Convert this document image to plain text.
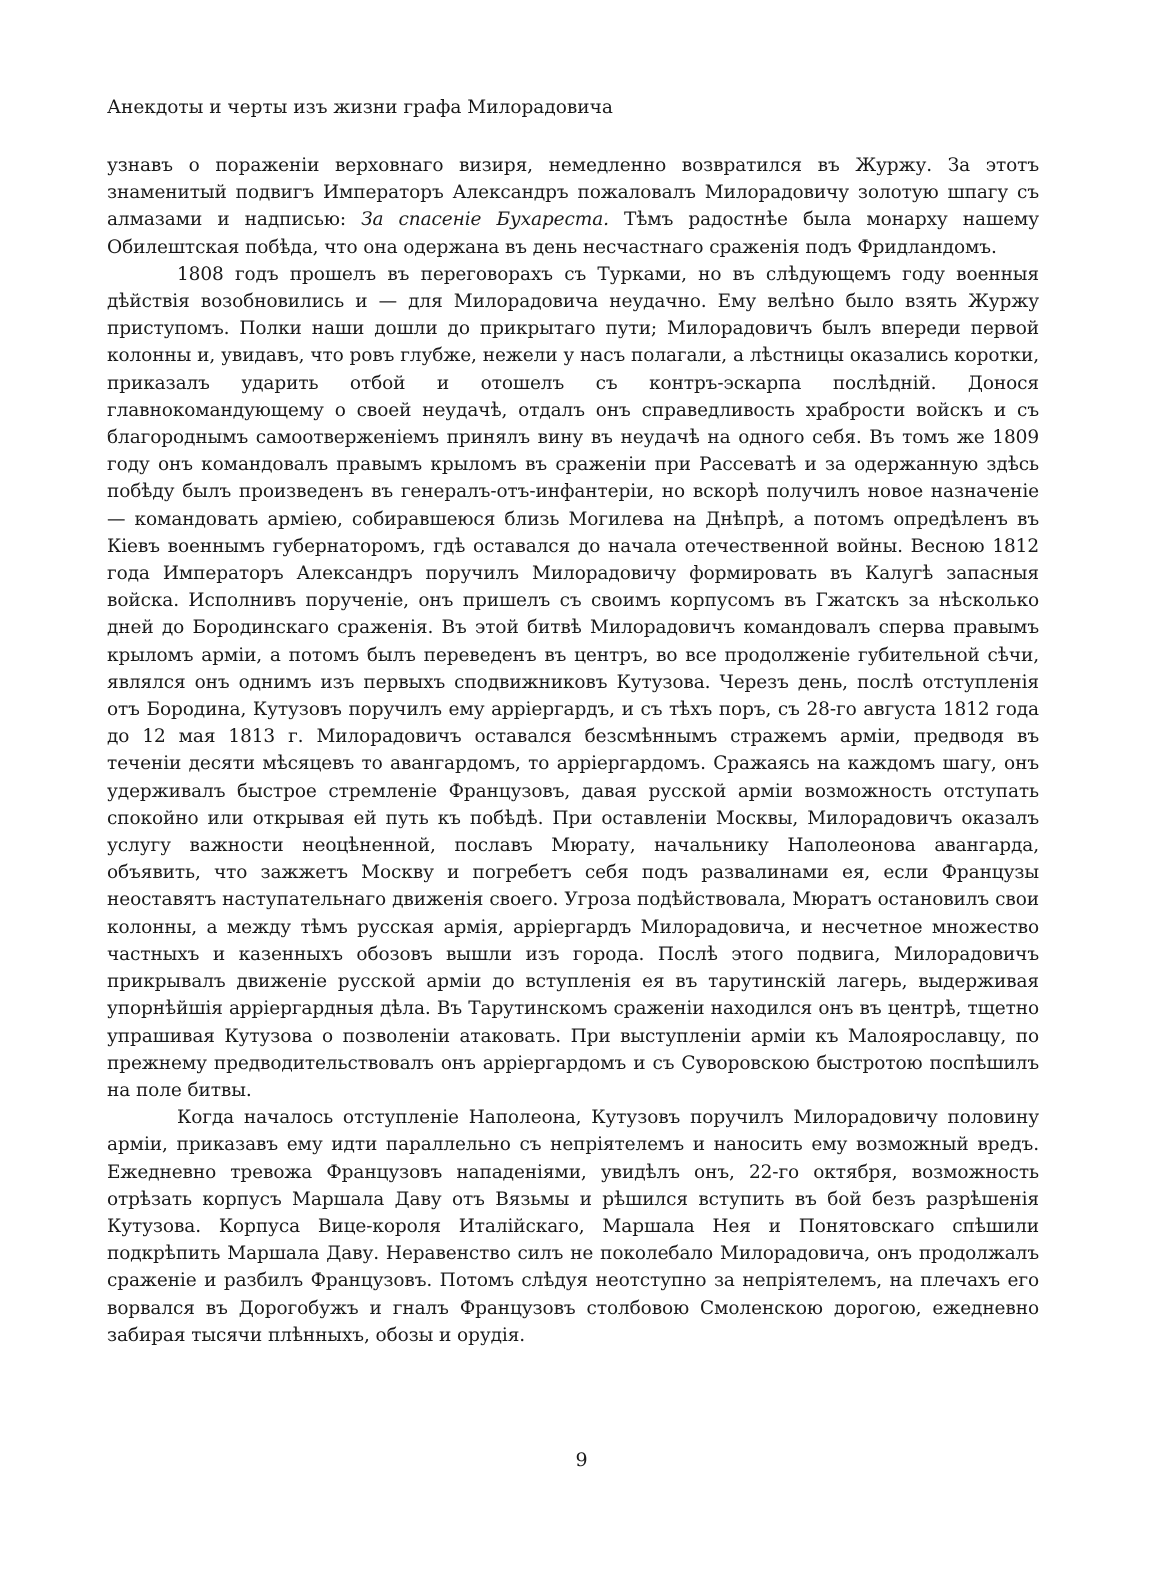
Анекдоты и черты изъ жизни графа Милорадовича

узнавъ о пораженіи верховнаго визиря, немедленно возвратился въ Журжу. За этотъ знаменитый подвигъ Императоръ Александръ пожаловалъ Милорадовичу золотую шпагу съ алмазами и надписью: За спасеніе Бухареста. Тѣмъ радостнѣе была монарху нашему Обилештская побѣда, что она одержана въ день несчастнаго сраженія подъ Фридландомъ.

1808 годъ прошелъ въ переговорахъ съ Турками, но въ слѣдующемъ году военныя дѣйствія возобновились и — для Милорадовича неудачно. Ему велѣно было взять Журжу приступомъ. Полки наши дошли до прикрытаго пути; Милорадовичъ былъ впереди первой колонны и, увидавъ, что ровъ глубже, нежели у насъ полагали, а лѣстницы оказались коротки, приказалъ ударить отбой и отошелъ съ контръ-эскарпа послѣдній. Донося главнокомандующему о своей неудачѣ, отдалъ онъ справедливость храбрости войскъ и съ благороднымъ самоотверженіемъ принялъ вину въ неудачѣ на одного себя. Въ томъ же 1809 году онъ командовалъ правымъ крыломъ въ сраженіи при Рассеватѣ и за одержанную здѣсь побѣду былъ произведенъ въ генералъ-отъ-инфантеріи, но вскорѣ получилъ новое назначеніе — командовать арміею, собиравшеюся близь Могилева на Днѣпрѣ, а потомъ опредѣленъ въ Кіевъ военнымъ губернаторомъ, гдѣ оставался до начала отечественной войны. Весною 1812 года Императоръ Александръ поручилъ Милорадовичу формировать въ Калугѣ запасныя войска. Исполнивъ порученіе, онъ пришелъ съ своимъ корпусомъ въ Гжатскъ за нѣсколько дней до Бородинскаго сраженія. Въ этой битвѣ Милорадовичъ командовалъ сперва правымъ крыломъ арміи, а потомъ былъ переведенъ въ центръ, во все продолженіе губительной сѣчи, являлся онъ однимъ изъ первыхъ сподвижниковъ Кутузова. Черезъ день, послѣ отступленія отъ Бородина, Кутузовъ поручилъ ему арріергардъ, и съ тѣхъ поръ, съ 28-го августа 1812 года до 12 мая 1813 г. Милорадовичъ оставался безсмѣннымъ стражемъ арміи, предводя въ теченіи десяти мѣсяцевъ то авангардомъ, то арріергардомъ. Сражаясь на каждомъ шагу, онъ удерживалъ быстрое стремленіе Французовъ, давая русской арміи возможность отступать спокойно или открывая ей путь къ побѣдѣ. При оставленіи Москвы, Милорадовичъ оказалъ услугу важности неоцѣненной, пославъ Мюрату, начальнику Наполеонова авангарда, объявить, что зажжетъ Москву и погребетъ себя подъ развалинами ея, если Французы неоставятъ наступательнаго движенія своего. Угроза подѣйствовала, Мюратъ остановилъ свои колонны, а между тѣмъ русская армія, арріергардъ Милорадовича, и несчетное множество частныхъ и казенныхъ обозовъ вышли изъ города. Послѣ этого подвига, Милорадовичъ прикрывалъ движеніе русской арміи до вступленія ея въ тарутинскій лагерь, выдерживая упорнѣйшія арріергардныя дѣла. Въ Тарутинскомъ сраженіи находился онъ въ центрѣ, тщетно упрашивая Кутузова о позволеніи атаковать. При выступленіи арміи къ Малоярославцу, по прежнему предводительствовалъ онъ арріергардомъ и съ Суворовскою быстротою поспѣшилъ на поле битвы.

Когда началось отступленіе Наполеона, Кутузовъ поручилъ Милорадовичу половину арміи, приказавъ ему идти параллельно съ непріятелемъ и наносить ему возможный вредъ. Ежедневно тревожа Французовъ нападеніями, увидѣлъ онъ, 22-го октября, возможность отрѣзать корпусъ Маршала Даву отъ Вязьмы и рѣшился вступить въ бой безъ разрѣшенія Кутузова. Корпуса Вице-короля Италійскаго, Маршала Нея и Понятовскаго спѣшили подкрѣпить Маршала Даву. Неравенство силъ не поколебало Милорадовича, онъ продолжалъ сраженіе и разбилъ Французовъ. Потомъ слѣдуя неотступно за непріятелемъ, на плечахъ его ворвался въ Дорогобужъ и гналъ Французовъ столбовою Смоленскою дорогою, ежедневно забирая тысячи плѣнныхъ, обозы и орудія.

9
